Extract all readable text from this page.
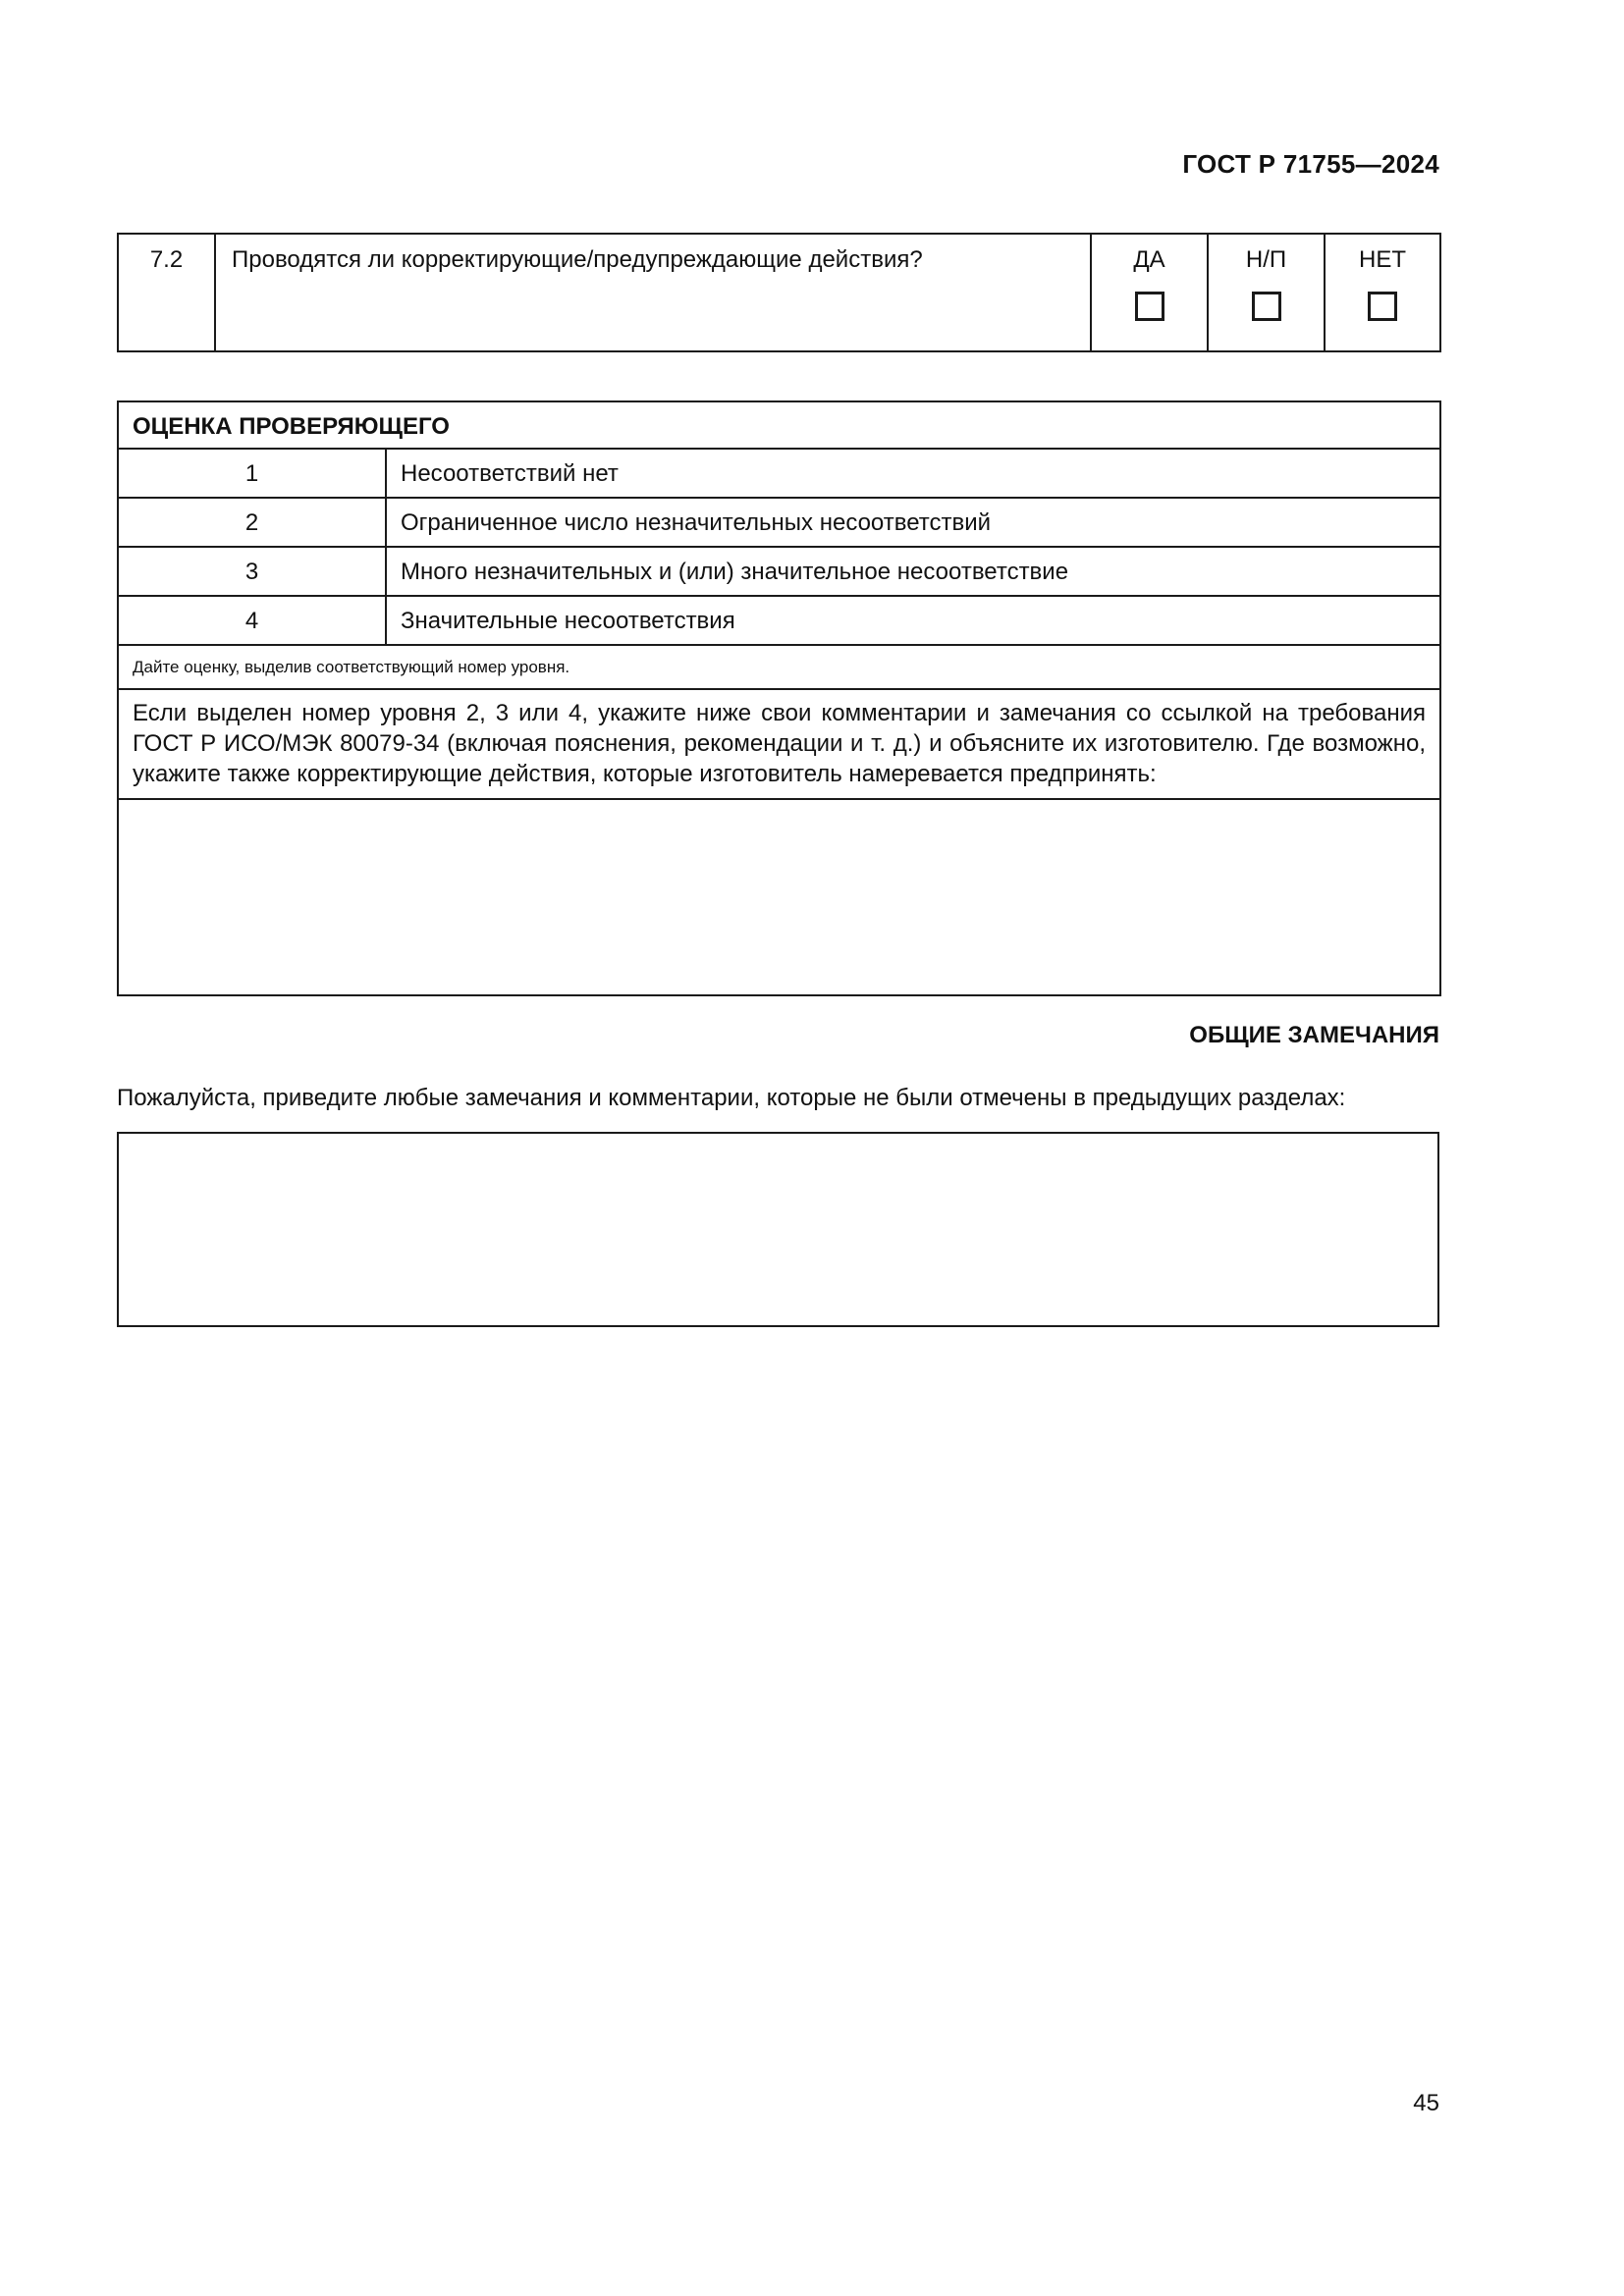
ГОСТ Р 71755—2024
7.2	Проводятся ли корректирующие/предупреждающие действия?	ДА	Н/П	НЕТ
ОЦЕНКА ПРОВЕРЯЮЩЕГО	
1	Несоответствий нет
2	Ограниченное число незначительных несоответствий
3	Много незначительных и (или) значительное несоответствие
4	Значительные несоответствия
Дайте оценку, выделив соответствующий номер уровня.	
Если выделен номер уровня 2, 3 или 4, укажите ниже свои комментарии и замечания со ссылкой на требования ГОСТ Р ИСО/МЭК 80079-34 (включая пояснения, рекомендации и т. д.) и объясните их изготовителю. Где возможно, укажите также корректирующие действия, которые изготовитель намеревается предпринять:	

ОБЩИЕ ЗАМЕЧАНИЯ
Пожалуйста, приведите любые замечания и комментарии, которые не были отмечены в предыдущих разделах:
45
